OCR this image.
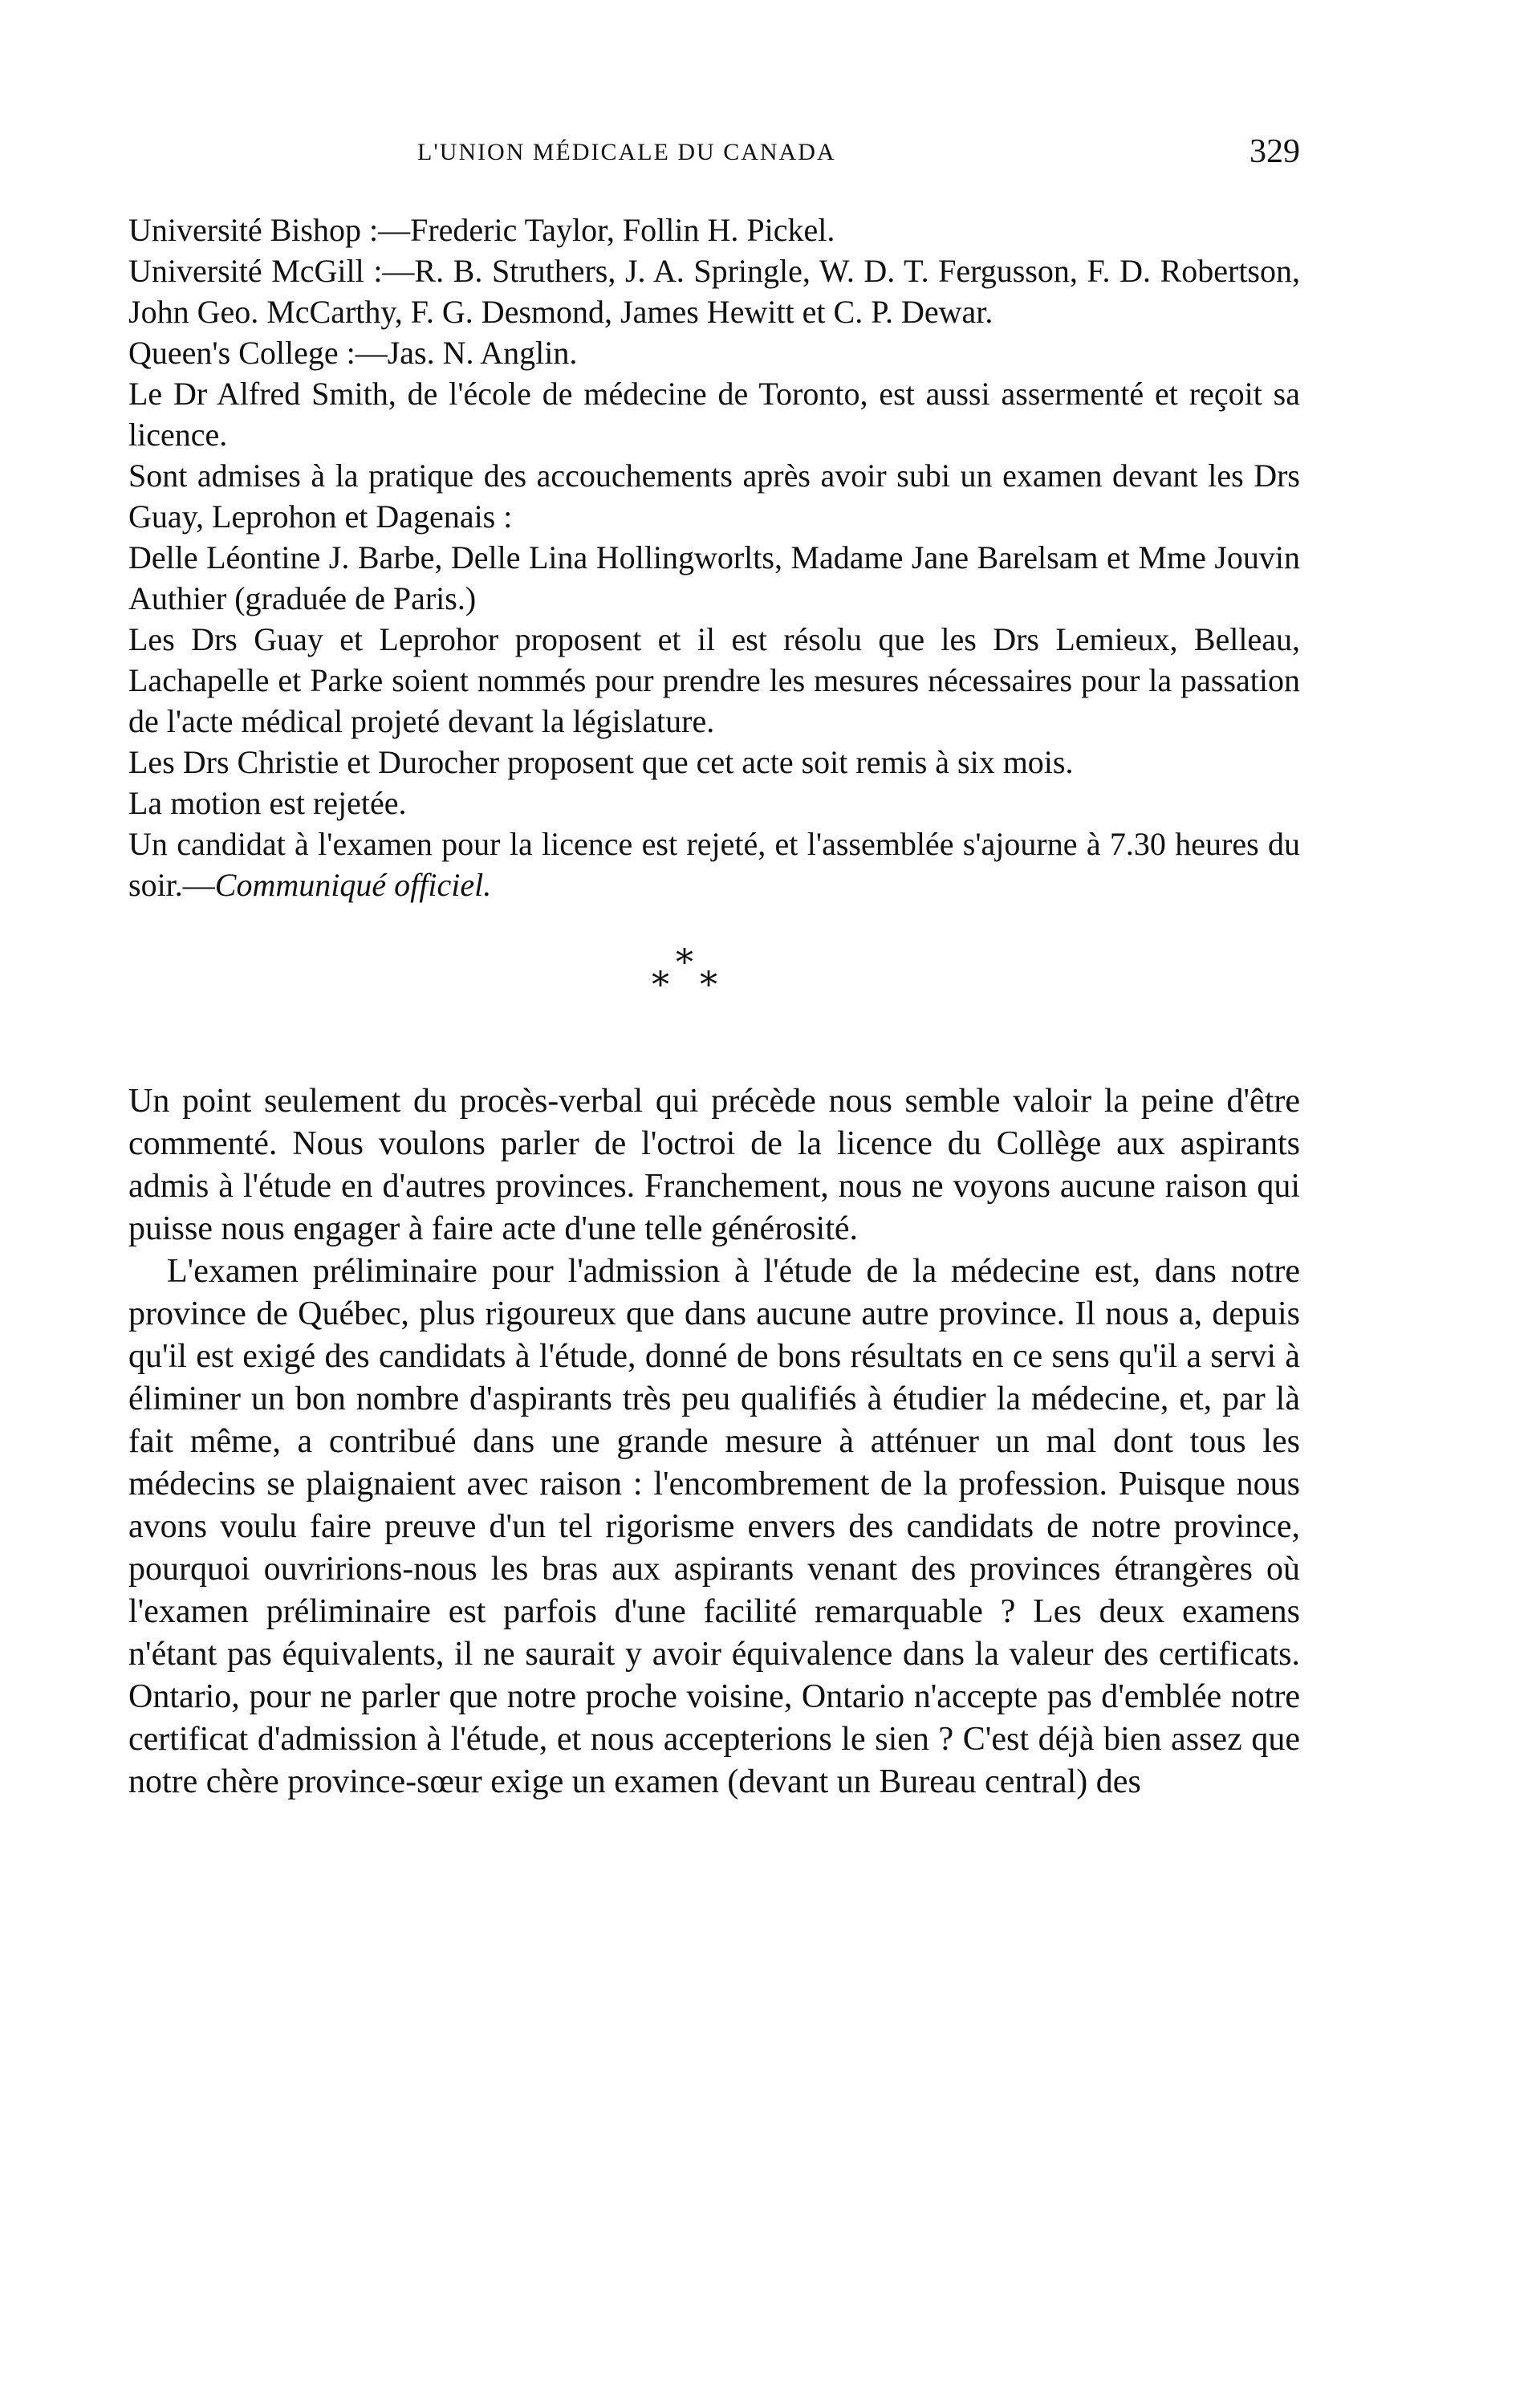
L'UNION MÉDICALE DU CANADA	329

Université Bishop :—Frederic Taylor, Follin H. Pickel.

Université McGill :—R. B. Struthers, J. A. Springle, W. D. T. Fergusson, F. D. Robertson, John Geo. McCarthy, F. G. Desmond, James Hewitt et C. P. Dewar.

Queen's College :—Jas. N. Anglin.

Le Dr Alfred Smith, de l'école de médecine de Toronto, est aussi assermenté et reçoit sa licence.

Sont admises à la pratique des accouchements après avoir subi un examen devant les Drs Guay, Leprohon et Dagenais :

Delle Léontine J. Barbe, Delle Lina Hollingworlts, Madame Jane Barelsam et Mme Jouvin Authier (graduée de Paris.)

Les Drs Guay et Leprohor proposent et il est résolu que les Drs Lemieux, Belleau, Lachapelle et Parke soient nommés pour prendre les mesures nécessaires pour la passation de l'acte médical projeté devant la législature.

Les Drs Christie et Durocher proposent que cet acte soit remis à six mois.

La motion est rejetée.

Un candidat à l'examen pour la licence est rejeté, et l'assemblée s'ajourne à 7.30 heures du soir.—Communiqué officiel.

*
*
*

Un point seulement du procès-verbal qui précède nous semble valoir la peine d'être commenté. Nous voulons parler de l'octroi de la licence du Collège aux aspirants admis à l'étude en d'autres provinces. Franchement, nous ne voyons aucune raison qui puisse nous engager à faire acte d'une telle générosité.

L'examen préliminaire pour l'admission à l'étude de la médecine est, dans notre province de Québec, plus rigoureux que dans aucune autre province. Il nous a, depuis qu'il est exigé des candidats à l'étude, donné de bons résultats en ce sens qu'il a servi à éliminer un bon nombre d'aspirants très peu qualifiés à étudier la médecine, et, par là fait même, a contribué dans une grande mesure à atténuer un mal dont tous les médecins se plaignaient avec raison : l'encombrement de la profession. Puisque nous avons voulu faire preuve d'un tel rigorisme envers des candidats de notre province, pourquoi ouvririons-nous les bras aux aspirants venant des provinces étrangères où l'examen préliminaire est parfois d'une facilité remarquable ? Les deux examens n'étant pas équivalents, il ne saurait y avoir équivalence dans la valeur des certificats. Ontario, pour ne parler que notre proche voisine, Ontario n'accepte pas d'emblée notre certificat d'admission à l'étude, et nous accepterions le sien ? C'est déjà bien assez que notre chère province-sœur exige un examen (devant un Bureau central) des
